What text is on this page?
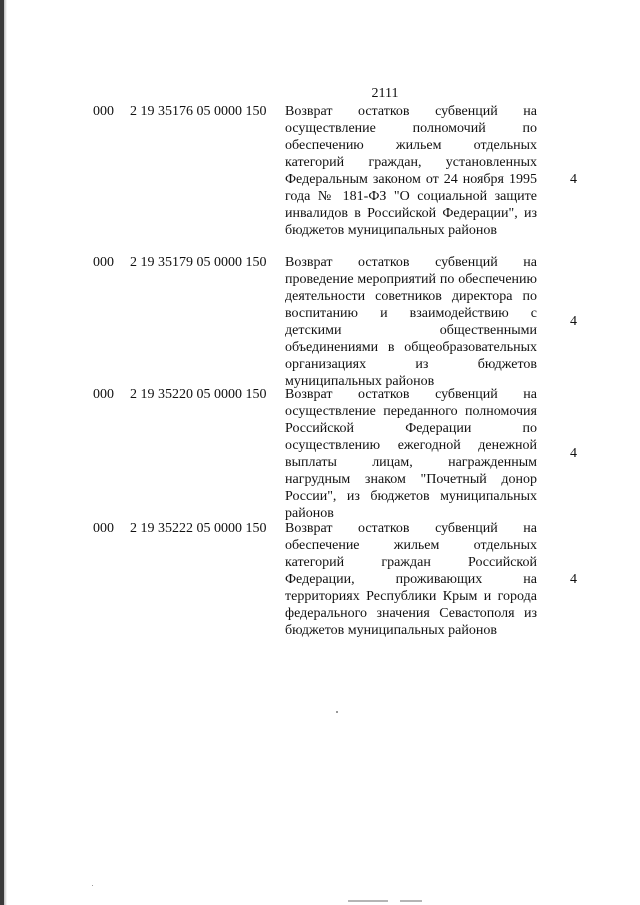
2111
000 2 19 35176 05 0000 150 Возврат остатков субвенций на осуществление полномочий по обеспечению жильем отдельных категорий граждан, установленных Федеральным законом от 24 ноября 1995 года № 181-ФЗ "О социальной защите инвалидов в Российской Федерации", из бюджетов муниципальных районов
4
000 2 19 35179 05 0000 150 Возврат остатков субвенций на проведение мероприятий по обеспечению деятельности советников директора по воспитанию и взаимодействию с детскими общественными объединениями в общеобразовательных организациях из бюджетов муниципальных районов
4
000 2 19 35220 05 0000 150 Возврат остатков субвенций на осуществление переданного полномочия Российской Федерации по осуществлению ежегодной денежной выплаты лицам, награжденным нагрудным знаком "Почетный донор России", из бюджетов муниципальных районов
4
000 2 19 35222 05 0000 150 Возврат остатков субвенций на обеспечение жильем отдельных категорий граждан Российской Федерации, проживающих на территориях Республики Крым и города федерального значения Севастополя из бюджетов муниципальных районов
4
